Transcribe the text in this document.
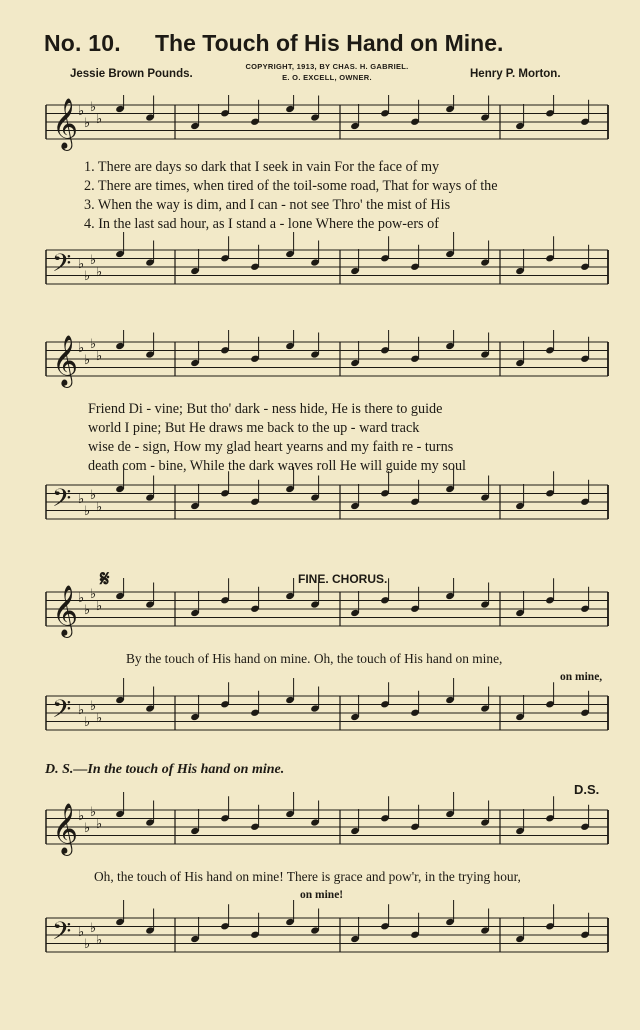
No. 10. The Touch of His Hand on Mine.
Jessie Brown Pounds.
COPYRIGHT, 1913, BY CHAS. H. GABRIEL.
E. O. EXCELL, OWNER.	Henry P. Morton.
𝄞 ♭
♭
♭
♭
𝄢 ♭
♭
♭
♭
1. There are days so dark that I seek in vain For the face of my
2. There are times, when tired of the toil-some road, That for ways of the
3. When the way is dim, and I can - not see Thro' the mist of His
4. In the last sad hour, as I stand a - lone Where the pow-ers of
𝄞 ♭
♭
♭
♭
𝄢 ♭
♭
♭
♭
Friend Di - vine; But tho' dark - ness hide, He is there to guide
world I pine; But He draws me back to the up - ward track
wise de - sign, How my glad heart yearns and my faith re - turns
death com - bine, While the dark waves roll He will guide my soul
𝄋	FINE. CHORUS.
𝄞 ♭
♭
♭
♭
𝄢 ♭
♭
♭
♭
By the touch of His hand on mine. Oh, the touch of His hand on mine,
on mine,
D. S.—In the touch of His hand on mine.
D.S.
𝄞 ♭
♭
♭
♭
𝄢 ♭
♭
♭
♭
Oh, the touch of His hand on mine! There is grace and pow'r, in the trying hour,
on mine!
